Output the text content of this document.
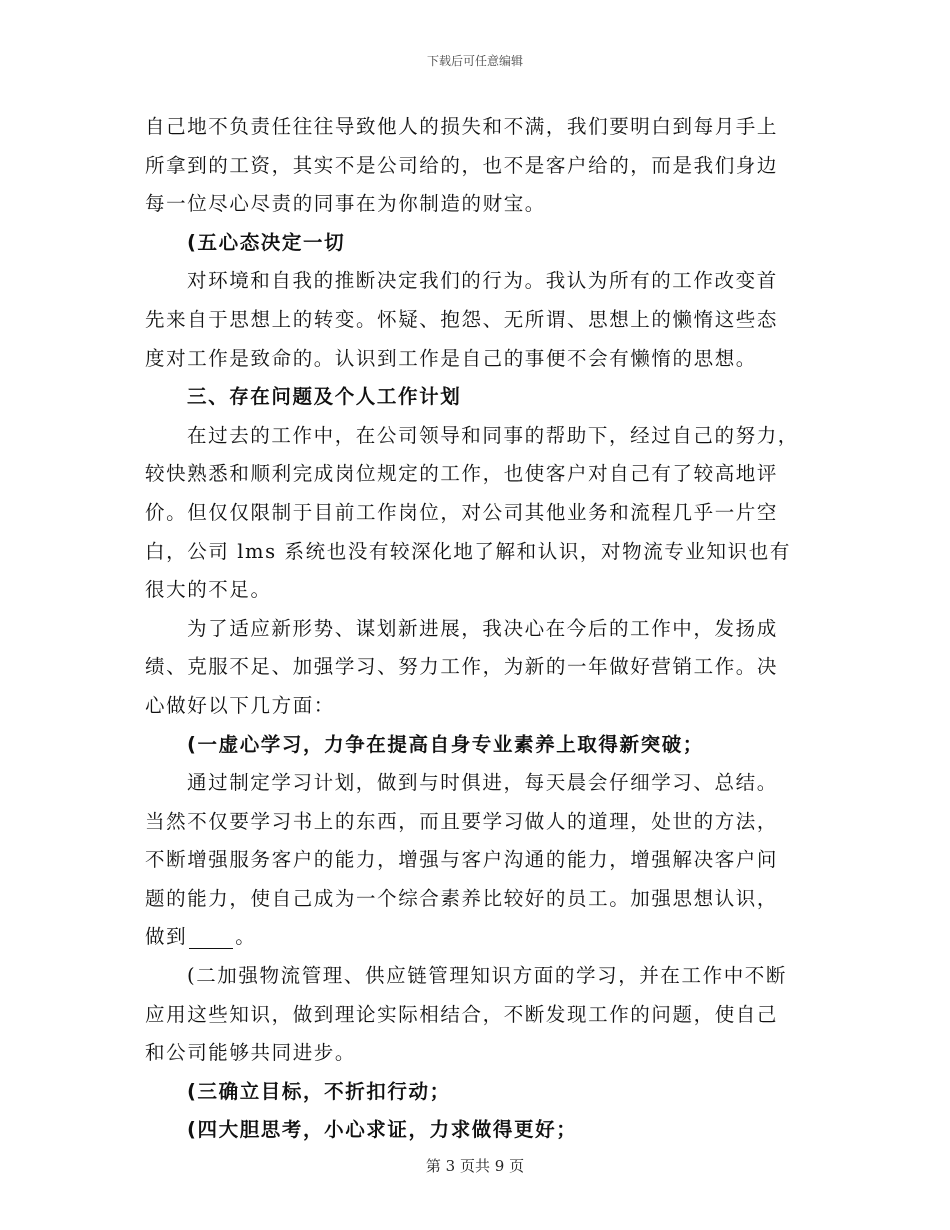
下载后可任意编辑
自己地不负责任往往导致他人的损失和不满，我们要明白到每月手上
所拿到的工资，其实不是公司给的，也不是客户给的，而是我们身边
每一位尽心尽责的同事在为你制造的财宝。
(五心态决定一切
对环境和自我的推断决定我们的行为。我认为所有的工作改变首
先来自于思想上的转变。怀疑、抱怨、无所谓、思想上的懒惰这些态
度对工作是致命的。认识到工作是自己的事便不会有懒惰的思想。
三、存在问题及个人工作计划
在过去的工作中，在公司领导和同事的帮助下，经过自己的努力，
较快熟悉和顺利完成岗位规定的工作，也使客户对自己有了较高地评
价。但仅仅限制于目前工作岗位，对公司其他业务和流程几乎一片空
白，公司 lms 系统也没有较深化地了解和认识，对物流专业知识也有
很大的不足。
为了适应新形势、谋划新进展，我决心在今后的工作中，发扬成
绩、克服不足、加强学习、努力工作，为新的一年做好营销工作。决
心做好以下几方面：
(一虚心学习，力争在提高自身专业素养上取得新突破；
通过制定学习计划，做到与时俱进，每天晨会仔细学习、总结。
当然不仅要学习书上的东西，而且要学习做人的道理，处世的方法，
不断增强服务客户的能力，增强与客户沟通的能力，增强解决客户问
题的能力，使自己成为一个综合素养比较好的员工。加强思想认识，
做到 。
(二加强物流管理、供应链管理知识方面的学习，并在工作中不断
应用这些知识，做到理论实际相结合，不断发现工作的问题，使自己
和公司能够共同进步。
(三确立目标，不折扣行动；
(四大胆思考，小心求证，力求做得更好；
第 3 页共 9 页
